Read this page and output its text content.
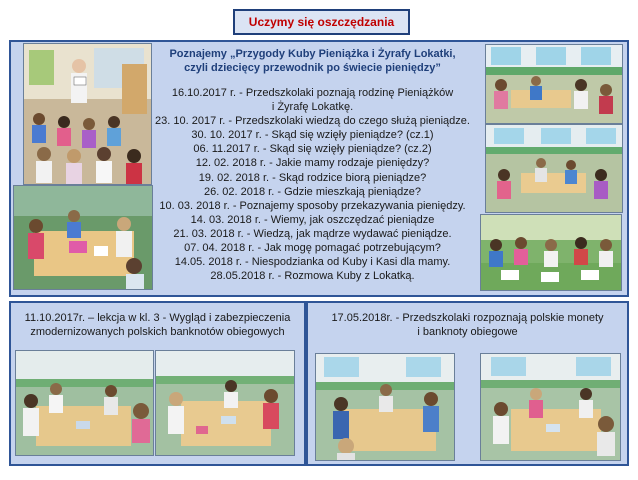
Uczymy się oszczędzania
Poznajemy „Przygody Kuby Pieniążka i Żyrafy Lokatki,
czyli dziecięcy przewodnik po świecie pieniędzy”
16.10.2017 r. - Przedszkolaki poznają rodzinę Pieniążków
i Żyrafę Lokatkę.
23. 10. 2017 r. - Przedszkolaki wiedzą do czego służą pieniądze.
30. 10. 2017 r. - Skąd się wzięły pieniądze? (cz.1)
06. 11.2017 r. - Skąd się wzięły pieniądze? (cz.2)
12. 02. 2018 r. - Jakie mamy rodzaje pieniędzy?
19. 02. 2018 r. - Skąd rodzice biorą pieniądze?
26. 02. 2018 r. - Gdzie mieszkają pieniądze?
10. 03. 2018 r. - Poznajemy sposoby przekazywania pieniędzy.
14. 03. 2018 r. - Wiemy, jak oszczędzać pieniądze
21. 03. 2018 r. - Wiedzą, jak mądrze wydawać pieniądze.
07. 04. 2018 r. - Jak mogę pomagać potrzebującym?
14.05. 2018 r. - Niespodzianka od Kuby i Kasi dla mamy.
28.05.2018 r. - Rozmowa Kuby z Lokatką.
11.10.2017r. – lekcja w kl. 3 - Wygląd i zabezpieczenia
zmodernizowanych polskich banknotów obiegowych
17.05.2018r. - Przedszkolaki rozpoznają polskie monety
i banknoty obiegowe
